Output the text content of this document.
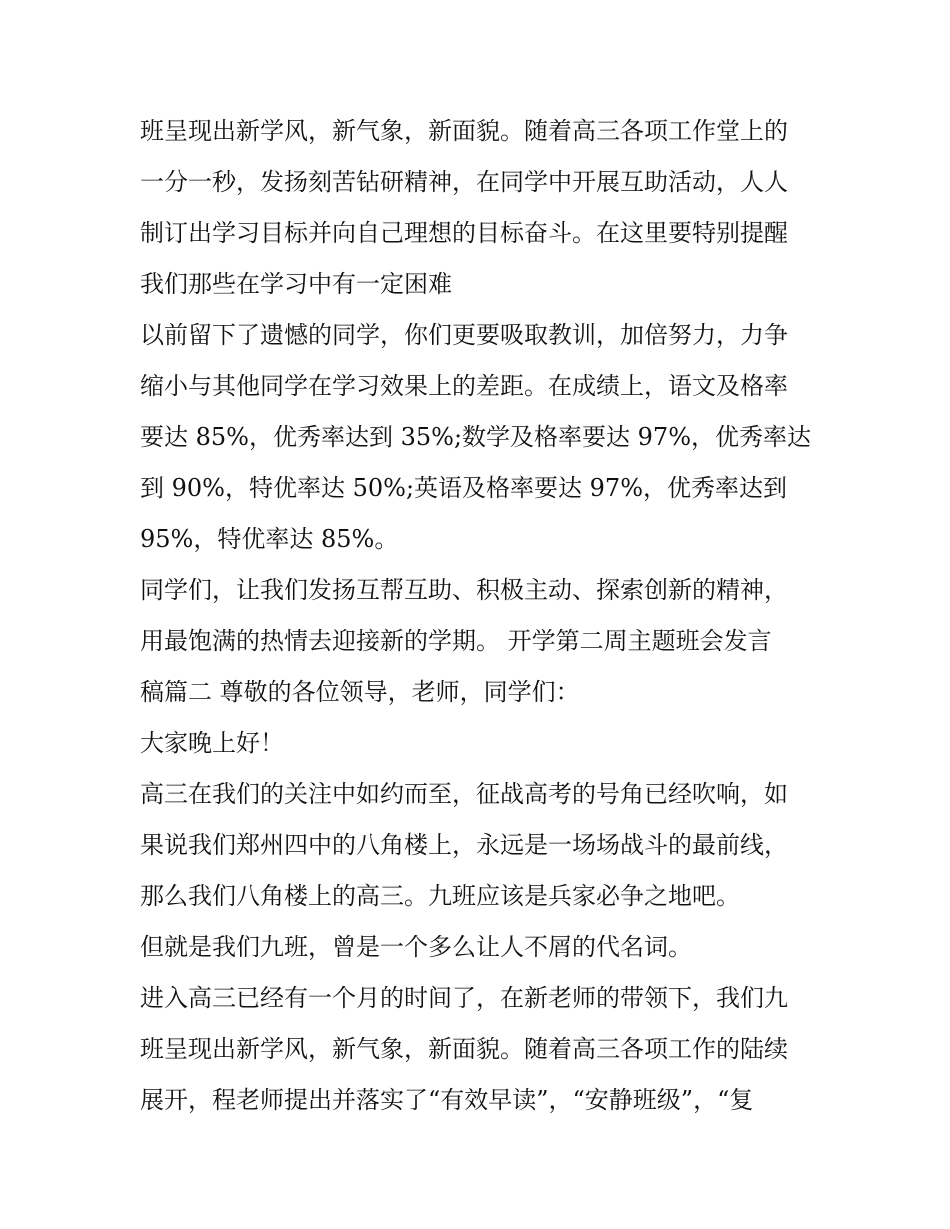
班呈现出新学风，新气象，新面貌。随着高三各项工作堂上的
一分一秒，发扬刻苦钻研精神，在同学中开展互助活动，人人
制订出学习目标并向自己理想的目标奋斗。在这里要特别提醒
我们那些在学习中有一定困难
以前留下了遗憾的同学，你们更要吸取教训，加倍努力，力争
缩小与其他同学在学习效果上的差距。在成绩上，语文及格率
要达 85%，优秀率达到 35%;数学及格率要达 97%，优秀率达
到 90%，特优率达 50%;英语及格率要达 97%，优秀率达到
95%，特优率达 85%。
同学们，让我们发扬互帮互助、积极主动、探索创新的精神，
用最饱满的热情去迎接新的学期。 开学第二周主题班会发言
稿篇二 尊敬的各位领导，老师，同学们：
大家晚上好！
高三在我们的关注中如约而至，征战高考的号角已经吹响，如
果说我们郑州四中的八角楼上，永远是一场场战斗的最前线，
那么我们八角楼上的高三。九班应该是兵家必争之地吧。
但就是我们九班，曾是一个多么让人不屑的代名词。
进入高三已经有一个月的时间了，在新老师的带领下，我们九
班呈现出新学风，新气象，新面貌。随着高三各项工作的陆续
展开，程老师提出并落实了“有效早读”，“安静班级”，“复
